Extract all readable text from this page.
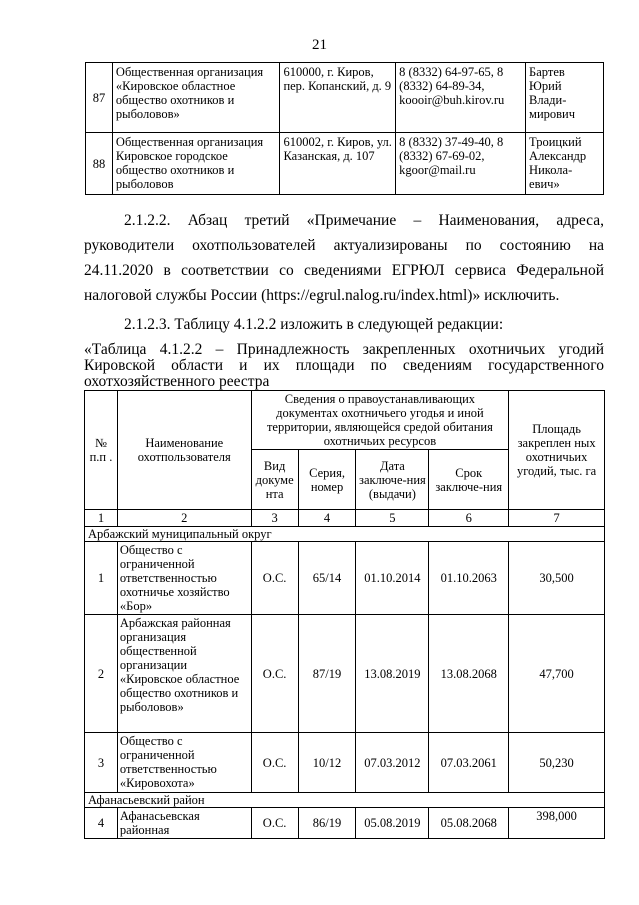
21
87	Общественная организация «Кировское областное общество охотников и рыболовов»	610000, г. Киров, пер. Копанский, д. 9	8 (8332) 64-97-65, 8 (8332) 64-89-34, koooir@buh.kirov.ru	Бартев Юрий Влади-мирович
88	Общественная организация Кировское городское общество охотников и рыболовов	610002, г. Киров, ул. Казанская, д. 107	8 (8332) 37-49-40, 8 (8332) 67-69-02, kgoor@mail.ru	Троицкий Александр Никола-евич»
2.1.2.2. Абзац третий «Примечание – Наименования, адреса, руководители охотпользователей актуализированы по состоянию на 24.11.2020 в соответствии со сведениями ЕГРЮЛ сервиса Федеральной налоговой службы России (https://egrul.nalog.ru/index.html)» исключить.
2.1.2.3. Таблицу 4.1.2.2 изложить в следующей редакции:
«Таблица 4.1.2.2 – Принадлежность закрепленных охотничьих угодий Кировской области и их площади по сведениям государственного охотхозяйственного реестра
№ п.п .	Наименование охотпользователя	Сведения о правоустанавливающих документах охотничьего угодья и иной территории, являющейся средой обитания охотничьих ресурсов				Площадь закреплен ных охотничьих угодий, тыс. га
		Вид докуме нта	Серия, номер	Дата заключе-ния (выдачи)	Срок заключе-ния	
1	2	3	4	5	6	7
Арбажский муниципальный округ						
1	Общество с ограниченной ответственностью охотничье хозяйство «Бор»	О.С.	65/14	01.10.2014	01.10.2063	30,500
2	Арбажская районная организация общественной организации «Кировское областное общество охотников и рыболовов»	О.С.	87/19	13.08.2019	13.08.2068	47,700
3	Общество с ограниченной ответственностью «Кировохота»	О.С.	10/12	07.03.2012	07.03.2061	50,230
Афанасьевский район						
4	Афанасьевская районная	О.С.	86/19	05.08.2019	05.08.2068	398,000
